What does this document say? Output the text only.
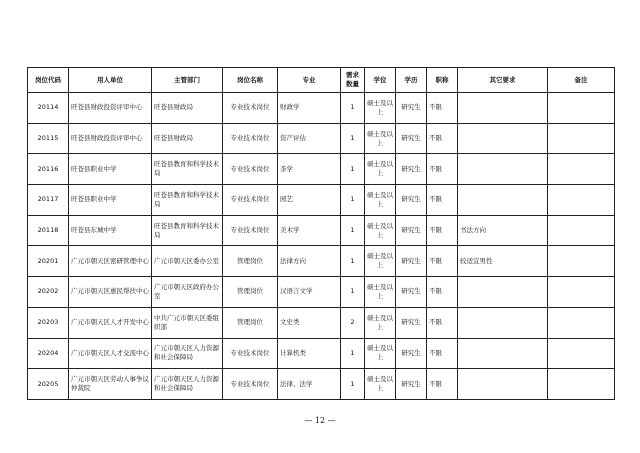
岗位代码	用人单位	主管部门	岗位名称	专业	需求数量	学位	学历	职称	其它要求	备注
20114	旺苍县财政投资评审中心	旺苍县财政局	专业技术岗位	财政学	1	硕士及以上	研究生	不限		
20115	旺苍县财政投资评审中心	旺苍县财政局	专业技术岗位	资产评估	1	硕士及以上	研究生	不限		
20116	旺苍县职业中学	旺苍县教育和科学技术局	专业技术岗位	茶学	1	硕士及以上	研究生	不限		
20117	旺苍县职业中学	旺苍县教育和科学技术局	专业技术岗位	园艺	1	硕士及以上	研究生	不限		
20118	旺苍县东城中学	旺苍县教育和科学技术局	专业技术岗位	美术学	1	硕士及以上	研究生	不限	书法方向	
20201	广元市朝天区密研管理中心	广元市朝天区委办公室	管理岗位	法律方向	1	硕士及以上	研究生	不限	较适宜男性	
20202	广元市朝天区惠民帮扶中心	广元市朝天区政府办公室	管理岗位	汉语言文学	1	硕士及以上	研究生	不限		
20203	广元市朝天区人才开发中心	中共广元市朝天区委组织部	管理岗位	文史类	2	硕士及以上	研究生	不限		
20204	广元市朝天区人才交流中心	广元市朝天区人力资源和社会保障局	专业技术岗位	计算机类	1	硕士及以上	研究生	不限		
20205	广元市朝天区劳动人事争议仲裁院	广元市朝天区人力资源和社会保障局	专业技术岗位	法律、法学	1	硕士及以上	研究生	不限		
— 12 —
